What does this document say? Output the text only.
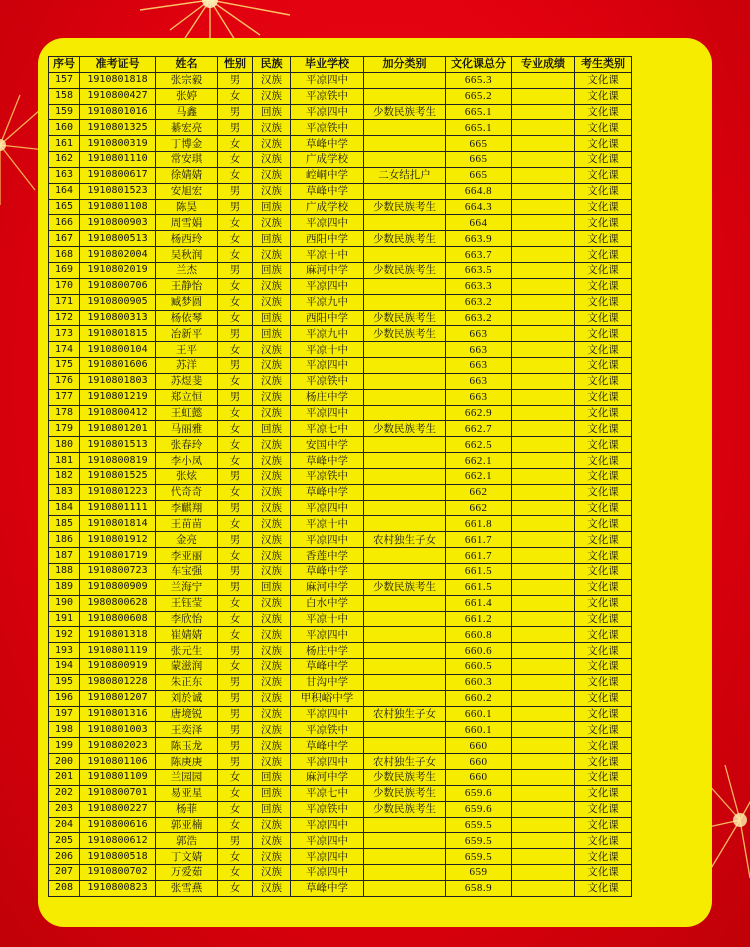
序号	准考证号	姓名	性别	民族	毕业学校	加分类别	文化课总分	专业成绩	考生类别
157	1910801818	张宗毅	男	汉族	平凉四中		665.3		文化课
158	1910800427	张婷	女	汉族	平凉铁中		665.2		文化课
159	1910801016	马鑫	男	回族	平凉四中	少数民族考生	665.1		文化课
160	1910801325	綦宏亮	男	汉族	平凉铁中		665.1		文化课
161	1910800319	丁博金	女	汉族	草峰中学		665		文化课
162	1910801110	常安琪	女	汉族	广成学校		665		文化课
163	1910800617	徐婧婧	女	汉族	崆峒中学	二女结扎户	665		文化课
164	1910801523	安旭宏	男	汉族	草峰中学		664.8		文化课
165	1910801108	陈昊	男	回族	广成学校	少数民族考生	664.3		文化课
166	1910800903	周雪娟	女	汉族	平凉四中		664		文化课
167	1910800513	杨西玲	女	回族	西阳中学	少数民族考生	663.9		文化课
168	1910802004	吴秋润	女	汉族	平凉十中		663.7		文化课
169	1910802019	兰杰	男	回族	麻河中学	少数民族考生	663.5		文化课
170	1910800706	王静怡	女	汉族	平凉四中		663.3		文化课
171	1910800905	臧梦圆	女	汉族	平凉九中		663.2		文化课
172	1910800313	杨依琴	女	回族	西阳中学	少数民族考生	663.2		文化课
173	1910801815	冶新平	男	回族	平凉九中	少数民族考生	663		文化课
174	1910800104	王平	女	汉族	平凉十中		663		文化课
175	1910801606	苏洋	男	汉族	平凉四中		663		文化课
176	1910801803	苏煜斐	女	汉族	平凉铁中		663		文化课
177	1910801219	郑立恒	男	汉族	杨庄中学		663		文化课
178	1910800412	王虹懿	女	汉族	平凉四中		662.9		文化课
179	1910801201	马丽雅	女	回族	平凉七中	少数民族考生	662.7		文化课
180	1910801513	张春玲	女	汉族	安国中学		662.5		文化课
181	1910800819	李小凤	女	汉族	草峰中学		662.1		文化课
182	1910801525	张炫	男	汉族	平凉铁中		662.1		文化课
183	1910801223	代奇奇	女	汉族	草峰中学		662		文化课
184	1910801111	李麒翔	男	汉族	平凉四中		662		文化课
185	1910801814	王苗苗	女	汉族	平凉十中		661.8		文化课
186	1910801912	金亮	男	汉族	平凉四中	农村独生子女	661.7		文化课
187	1910801719	李亚丽	女	汉族	香莲中学		661.7		文化课
188	1910800723	车宝强	男	汉族	草峰中学		661.5		文化课
189	1910800909	兰海宁	男	回族	麻河中学	少数民族考生	661.5		文化课
190	1980800628	王钰莹	女	汉族	白水中学		661.4		文化课
191	1910800608	李欣怡	女	汉族	平凉十中		661.2		文化课
192	1910801318	崔婧婧	女	汉族	平凉四中		660.8		文化课
193	1910801119	张元生	男	汉族	杨庄中学		660.6		文化课
194	1910800919	蒙滋润	女	汉族	草峰中学		660.5		文化课
195	1980801228	朱正东	男	汉族	甘沟中学		660.3		文化课
196	1910801207	刘於诚	男	汉族	甲积峪中学		660.2		文化课
197	1910801316	唐境锐	男	汉族	平凉四中	农村独生子女	660.1		文化课
198	1910801003	王奕泽	男	汉族	平凉铁中		660.1		文化课
199	1910802023	陈玉龙	男	汉族	草峰中学		660		文化课
200	1910801106	陈庚庚	男	汉族	平凉四中	农村独生子女	660		文化课
201	1910801109	兰园园	女	回族	麻河中学	少数民族考生	660		文化课
202	1910800701	易亚星	女	回族	平凉七中	少数民族考生	659.6		文化课
203	1910800227	杨菲	女	回族	平凉铁中	少数民族考生	659.6		文化课
204	1910800616	郭亚楠	女	汉族	平凉四中		659.5		文化课
205	1910800612	郭浩	男	汉族	平凉四中		659.5		文化课
206	1910800518	丁文婧	女	汉族	平凉四中		659.5		文化课
207	1910800702	万爱茹	女	汉族	平凉四中		659		文化课
208	1910800823	张雪燕	女	汉族	草峰中学		658.9		文化课
